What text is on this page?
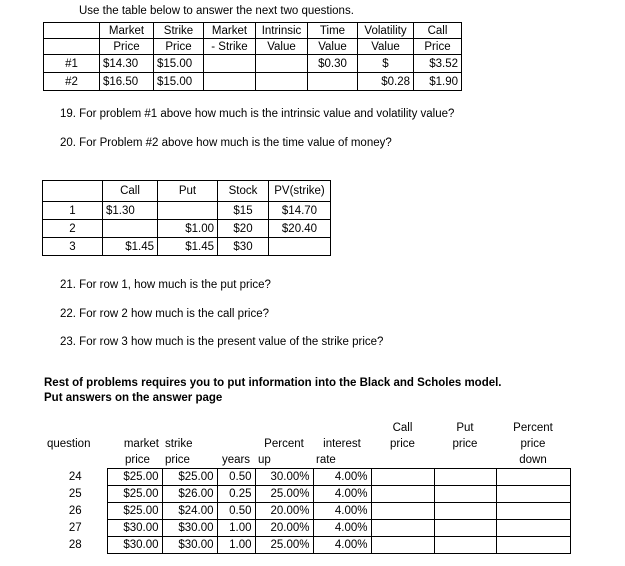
Use the table below to answer the next two questions.
	Market	Strike	Market	Intrinsic	Time	Volatility	Call
	Price	Price	- Strike	Value	Value	Value	Price
#1	$14.30	$15.00			$0.30	$	$3.52
#2	$16.50	$15.00				$0.28	$1.90
19. For problem #1 above how much is the intrinsic value and volatility value?
20. For Problem #2 above how much is the time value of money?
	Call	Put	Stock	PV(strike)
1	$1.30		$15	$14.70
2		$1.00	$20	$20.40
3	$1.45	$1.45	$30	
21. For row 1, how much is the put price?
22. For row 2 how much is the call price?
23. For row 3 how much is the present value of the strike price?
Rest of problems requires you to put information into the Black and Scholes model.
Put answers on the answer page
						Call	Put	Percent
question	market	strike		Percent	interest	price	price	price
	price	price	years	up	rate			down
24	$25.00	$25.00	0.50	30.00%	4.00%			
25	$25.00	$26.00	0.25	25.00%	4.00%			
26	$25.00	$24.00	0.50	20.00%	4.00%			
27	$30.00	$30.00	1.00	20.00%	4.00%			
28	$30.00	$30.00	1.00	25.00%	4.00%			
